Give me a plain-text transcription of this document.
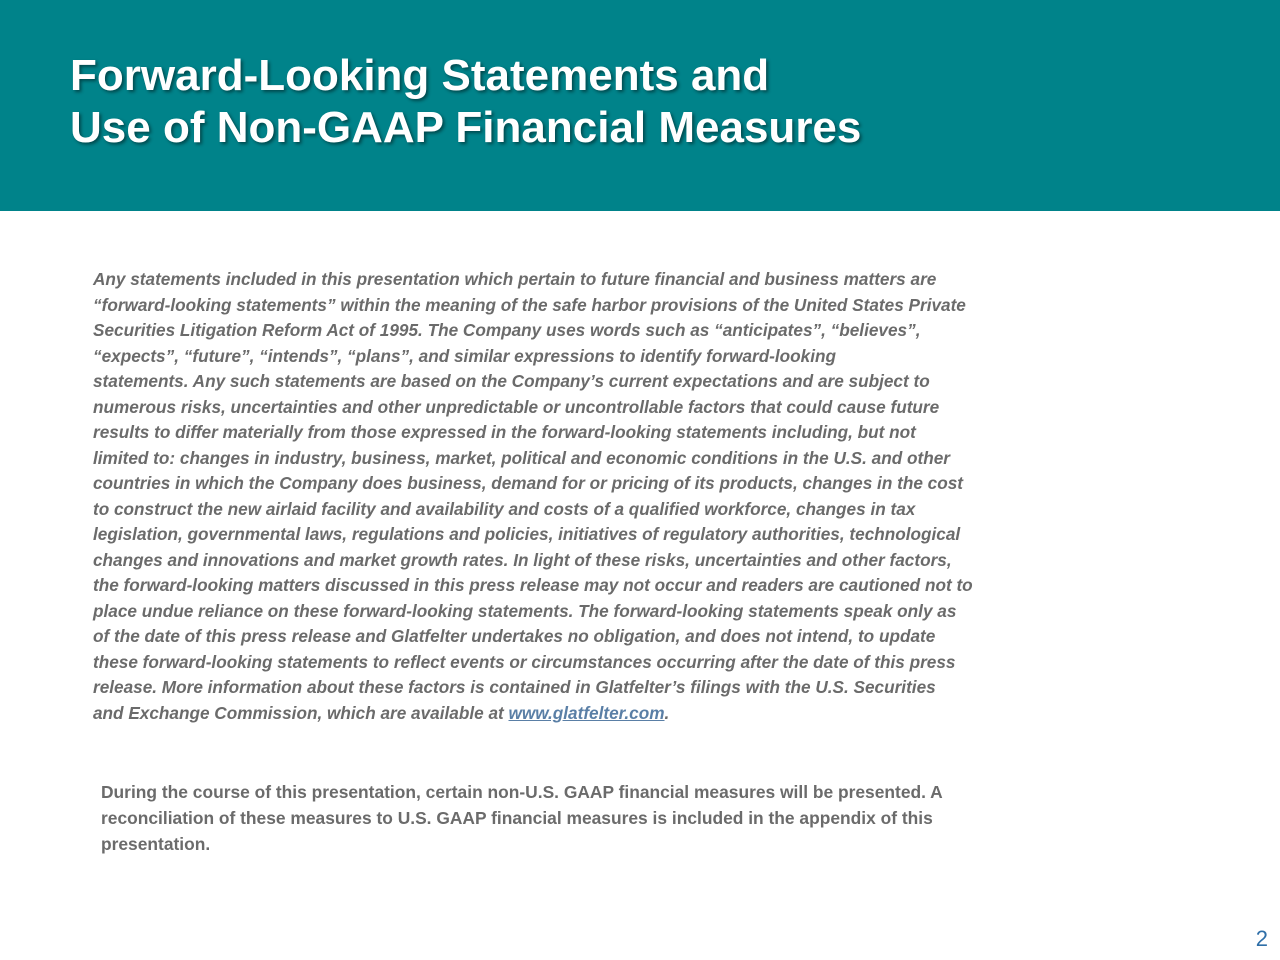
Forward-Looking Statements and
Use of Non-GAAP Financial Measures

Any statements included in this presentation which pertain to future financial and business matters are
“forward-looking statements” within the meaning of the safe harbor provisions of the United States Private
Securities Litigation Reform Act of 1995. The Company uses words such as “anticipates”, “believes”,
“expects”, “future”, “intends”, “plans”, and similar expressions to identify forward-looking
statements. Any such statements are based on the Company’s current expectations and are subject to
numerous risks, uncertainties and other unpredictable or uncontrollable factors that could cause future
results to differ materially from those expressed in the forward-looking statements including, but not
limited to: changes in industry, business, market, political and economic conditions in the U.S. and other
countries in which the Company does business, demand for or pricing of its products, changes in the cost
to construct the new airlaid facility and availability and costs of a qualified workforce, changes in tax
legislation, governmental laws, regulations and policies, initiatives of regulatory authorities, technological
changes and innovations and market growth rates. In light of these risks, uncertainties and other factors,
the forward-looking matters discussed in this press release may not occur and readers are cautioned not to
place undue reliance on these forward-looking statements. The forward-looking statements speak only as
of the date of this press release and Glatfelter undertakes no obligation, and does not intend, to update
these forward-looking statements to reflect events or circumstances occurring after the date of this press
release. More information about these factors is contained in Glatfelter’s filings with the U.S. Securities
and Exchange Commission, which are available at www.glatfelter.com.

During the course of this presentation, certain non-U.S. GAAP financial measures will be presented. A
reconciliation of these measures to U.S. GAAP financial measures is included in the appendix of this
presentation.

2
